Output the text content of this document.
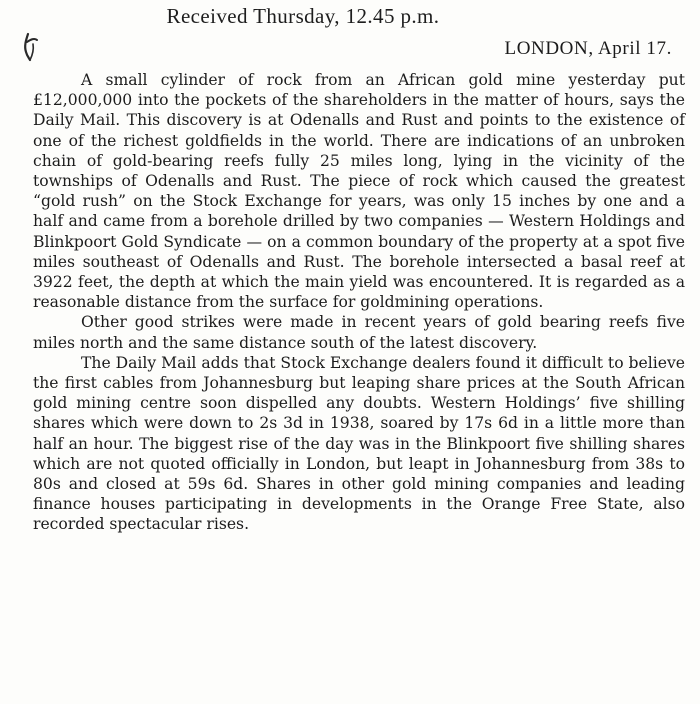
Received Thursday, 12.45 p.m.
LONDON, April 17.

A small cylinder of rock from an African gold mine yesterday put £12,000,000 into the pockets of the shareholders in the matter of hours, says the Daily Mail. This discovery is at Odenalls and Rust and points to the existence of one of the richest goldfields in the world. There are indications of an unbroken chain of gold-bearing reefs fully 25 miles long, lying in the vicinity of the townships of Odenalls and Rust. The piece of rock which caused the greatest “gold rush” on the Stock Exchange for years, was only 15 inches by one and a half and came from a borehole drilled by two companies — Western Holdings and Blinkpoort Gold Syndicate — on a common boundary of the property at a spot five miles southeast of Odenalls and Rust. The borehole intersected a basal reef at 3922 feet, the depth at which the main yield was encountered. It is regarded as a reasonable distance from the surface for goldmining operations.

Other good strikes were made in recent years of gold bearing reefs five miles north and the same distance south of the latest discovery.

The Daily Mail adds that Stock Exchange dealers found it difficult to believe the first cables from Johannesburg but leaping share prices at the South African gold mining centre soon dispelled any doubts. Western Holdings’ five shilling shares which were down to 2s 3d in 1938, soared by 17s 6d in a little more than half an hour. The biggest rise of the day was in the Blinkpoort five shilling shares which are not quoted officially in London, but leapt in Johannesburg from 38s to 80s and closed at 59s 6d. Shares in other gold mining companies and leading finance houses participating in developments in the Orange Free State, also recorded spectacular rises.
